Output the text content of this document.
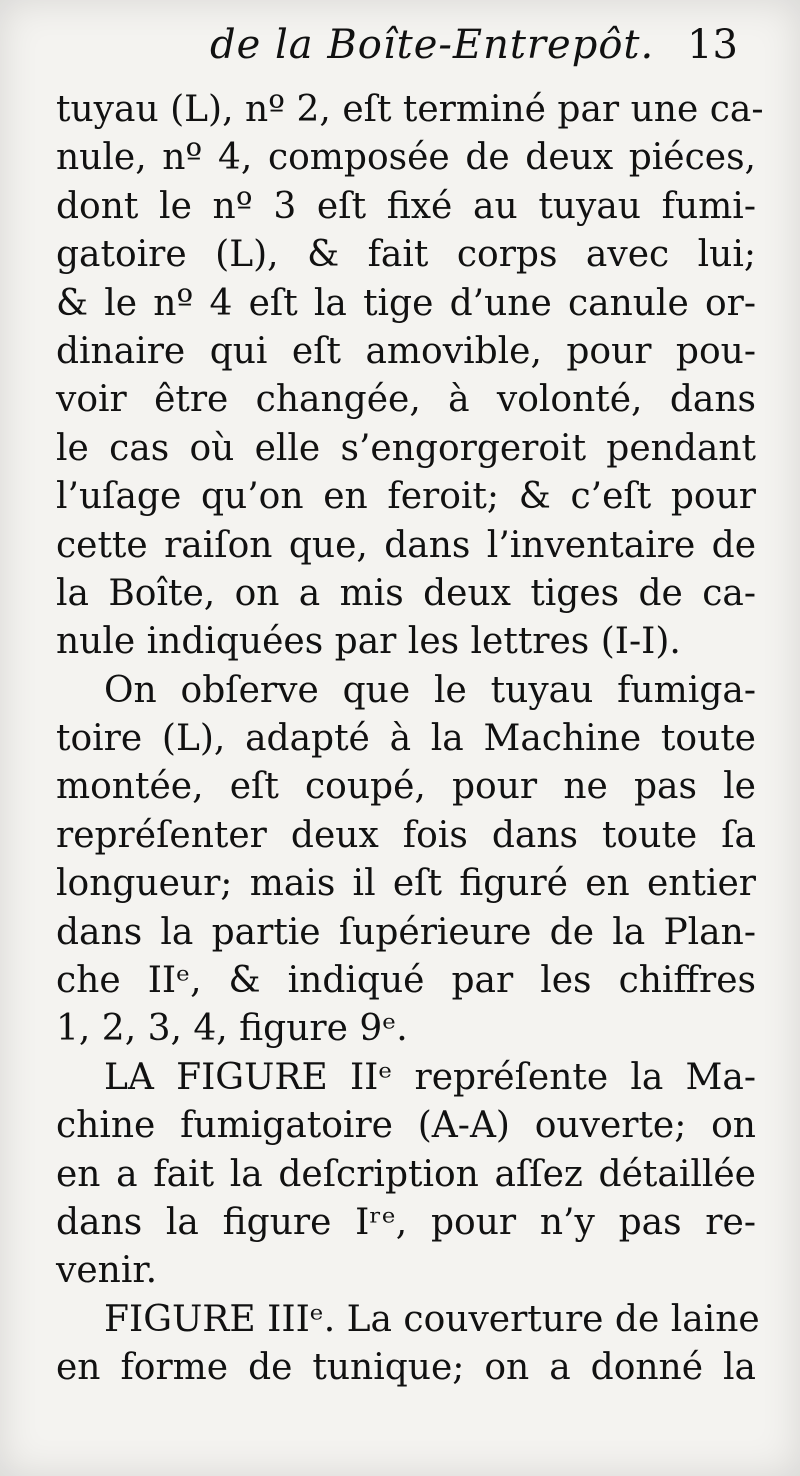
de la Boîte-Entrepôt. 13
tuyau (L), nº 2, eſt terminé par une ca-
nule, nº 4, composée de deux piéces,
dont le nº 3 eſt fixé au tuyau fumi-
gatoire (L), & fait corps avec lui;
& le nº 4 eſt la tige d’une canule or-
dinaire qui eſt amovible, pour pou-
voir être changée, à volonté, dans
le cas où elle s’engorgeroit pendant
l’uſage qu’on en feroit; & c’eſt pour
cette raiſon que, dans l’inventaire de
la Boîte, on a mis deux tiges de ca-
nule indiquées par les lettres (I-I).
On obſerve que le tuyau fumiga-
toire (L), adapté à la Machine toute
montée, eſt coupé, pour ne pas le
repréſenter deux fois dans toute ſa
longueur; mais il eſt figuré en entier
dans la partie ſupérieure de la Plan-
che IIᵉ, & indiqué par les chiffres
1, 2, 3, 4, figure 9ᵉ.
LA FIGURE IIᵉ repréſente la Ma-
chine fumigatoire (A-A) ouverte; on
en a fait la deſcription aſſez détaillée
dans la figure Iʳᵉ, pour n’y pas re-
venir.
FIGURE IIIᵉ. La couverture de laine
en forme de tunique; on a donné la
